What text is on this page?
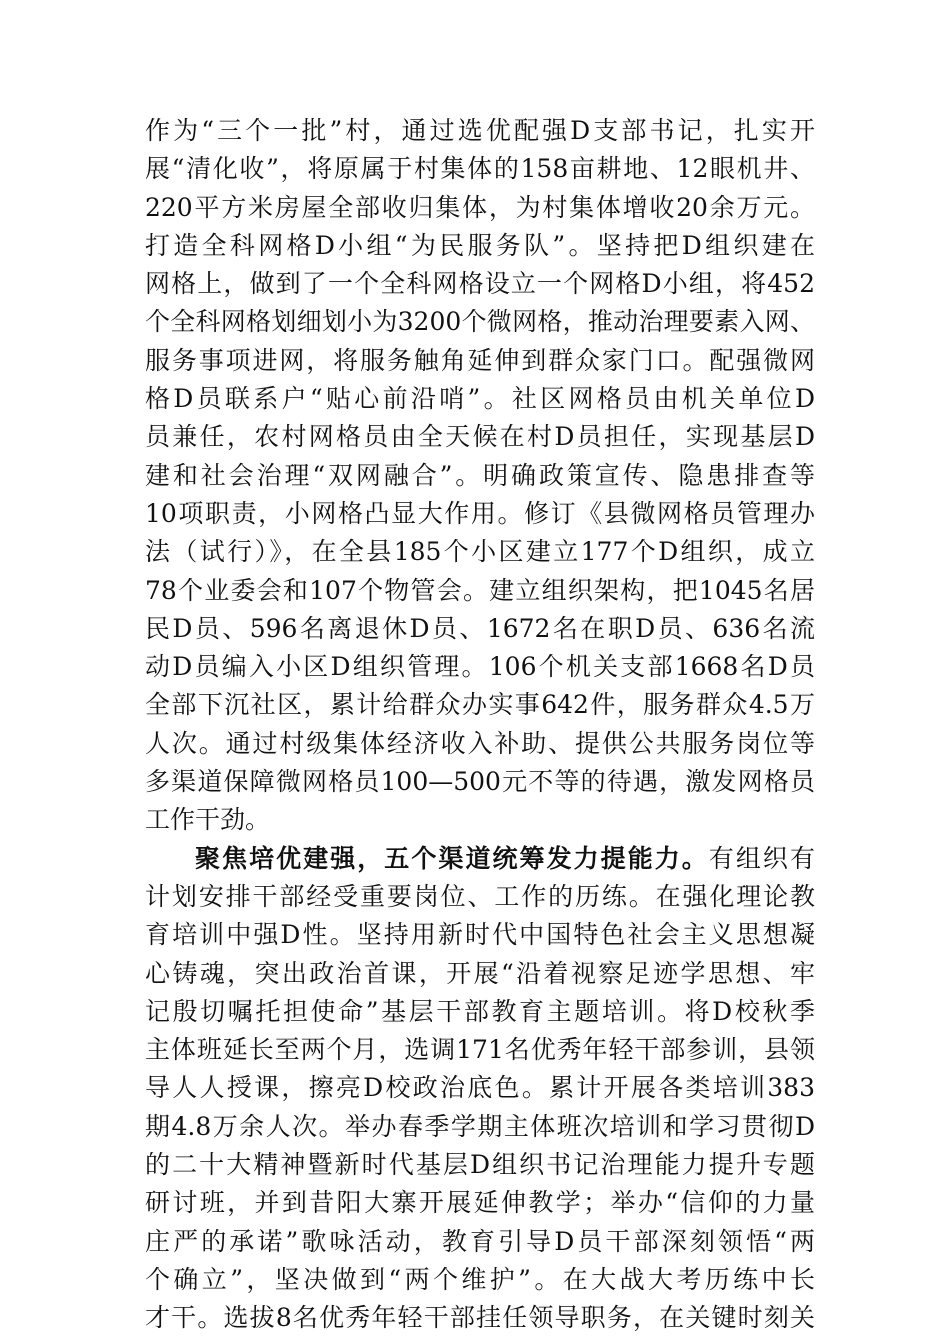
作为“三个一批”村，通过选优配强D支部书记，扎实开
展“清化收”，将原属于村集体的158亩耕地、12眼机井、
220平方米房屋全部收归集体，为村集体增收20余万元。
打造全科网格D小组“为民服务队”。坚持把D组织建在
网格上，做到了一个全科网格设立一个网格D小组，将452
个全科网格划细划小为3200个微网格，推动治理要素入网、
服务事项进网，将服务触角延伸到群众家门口。配强微网
格D员联系户“贴心前沿哨”。社区网格员由机关单位D
员兼任，农村网格员由全天候在村D员担任，实现基层D
建和社会治理“双网融合”。明确政策宣传、隐患排查等
10项职责，小网格凸显大作用。修订《县微网格员管理办
法（试行）》，在全县185个小区建立177个D组织，成立
78个业委会和107个物管会。建立组织架构，把1045名居
民D员、596名离退休D员、1672名在职D员、636名流
动D员编入小区D组织管理。106个机关支部1668名D员
全部下沉社区，累计给群众办实事642件，服务群众4.5万
人次。通过村级集体经济收入补助、提供公共服务岗位等
多渠道保障微网格员100—500元不等的待遇，激发网格员
工作干劲。
聚焦培优建强，五个渠道统筹发力提能力。有组织有
计划安排干部经受重要岗位、工作的历练。在强化理论教
育培训中强D性。坚持用新时代中国特色社会主义思想凝
心铸魂，突出政治首课，开展“沿着视察足迹学思想、牢
记殷切嘱托担使命”基层干部教育主题培训。将D校秋季
主体班延长至两个月，选调171名优秀年轻干部参训，县领
导人人授课，擦亮D校政治底色。累计开展各类培训383
期4.8万余人次。举办春季学期主体班次培训和学习贯彻D
的二十大精神暨新时代基层D组织书记治理能力提升专题
研讨班，并到昔阳大寨开展延伸教学；举办“信仰的力量
庄严的承诺”歌咏活动，教育引导D员干部深刻领悟“两
个确立”，坚决做到“两个维护”。在大战大考历练中长
才干。选拔8名优秀年轻干部挂任领导职务，在关键时刻关
